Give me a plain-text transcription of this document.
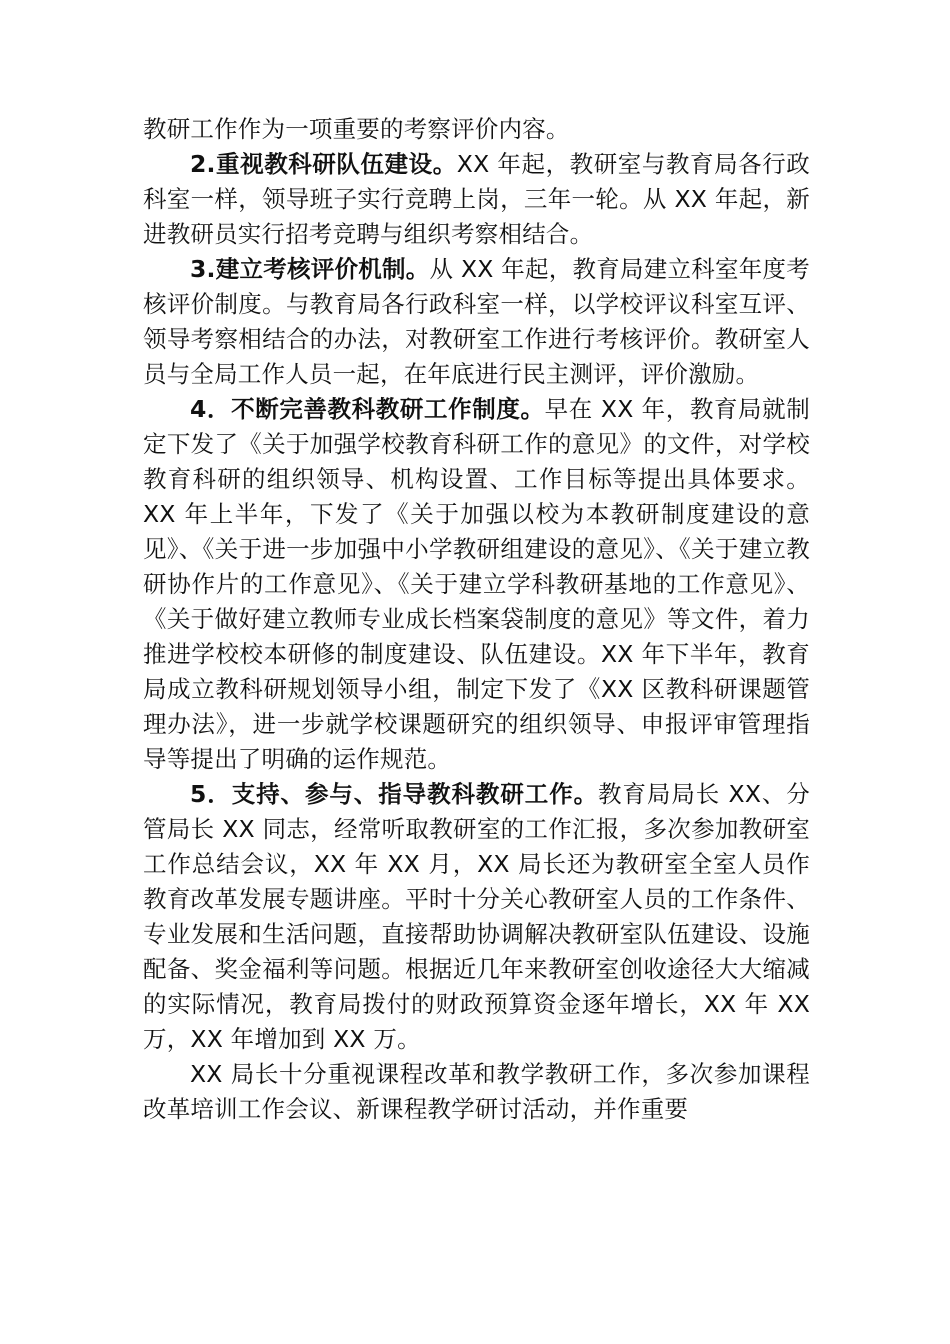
教研工作作为一项重要的考察评价内容。

2.重视教科研队伍建设。XX 年起，教研室与教育局各行政科室一样，领导班子实行竞聘上岗，三年一轮。从 XX 年起，新进教研员实行招考竞聘与组织考察相结合。

3.建立考核评价机制。从 XX 年起，教育局建立科室年度考核评价制度。与教育局各行政科室一样，以学校评议科室互评、领导考察相结合的办法，对教研室工作进行考核评价。教研室人员与全局工作人员一起，在年底进行民主测评，评价激励。

4．不断完善教科教研工作制度。早在 XX 年，教育局就制定下发了《关于加强学校教育科研工作的意见》的文件，对学校教育科研的组织领导、机构设置、工作目标等提出具体要求。XX 年上半年，下发了《关于加强以校为本教研制度建设的意见》、《关于进一步加强中小学教研组建设的意见》、《关于建立教研协作片的工作意见》、《关于建立学科教研基地的工作意见》、《关于做好建立教师专业成长档案袋制度的意见》等文件，着力推进学校校本研修的制度建设、队伍建设。XX 年下半年，教育局成立教科研规划领导小组，制定下发了《XX 区教科研课题管理办法》，进一步就学校课题研究的组织领导、申报评审管理指导等提出了明确的运作规范。

5．支持、参与、指导教科教研工作。教育局局长 XX、分管局长 XX 同志，经常听取教研室的工作汇报，多次参加教研室工作总结会议，XX 年 XX 月，XX 局长还为教研室全室人员作教育改革发展专题讲座。平时十分关心教研室人员的工作条件、专业发展和生活问题，直接帮助协调解决教研室队伍建设、设施配备、奖金福利等问题。根据近几年来教研室创收途径大大缩减的实际情况，教育局拨付的财政预算资金逐年增长，XX 年 XX 万，XX 年增加到 XX 万。

XX 局长十分重视课程改革和教学教研工作，多次参加课程改革培训工作会议、新课程教学研讨活动，并作重要
